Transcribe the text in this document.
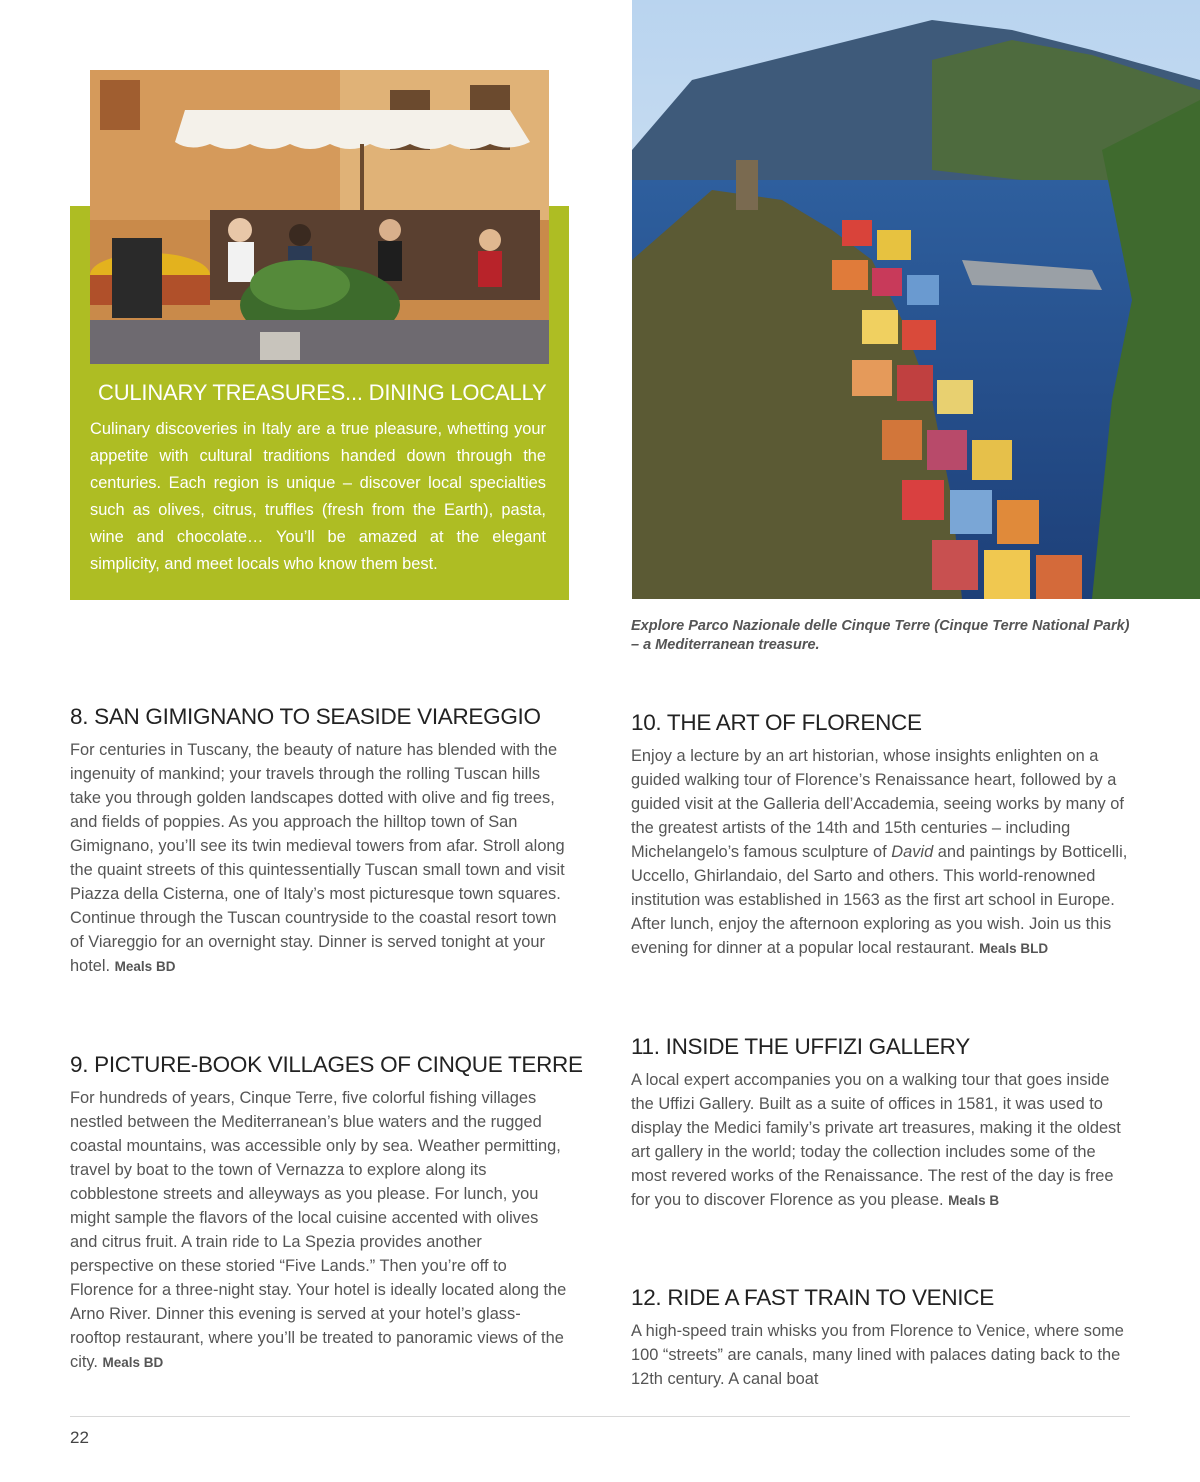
CULINARY TREASURES... DINING LOCALLY

Culinary discoveries in Italy are a true pleasure, whetting your appetite with cultural traditions handed down through the centuries. Each region is unique – discover local specialties such as olives, citrus, truffles (fresh from the Earth), pasta, wine and chocolate… You’ll be amazed at the elegant simplicity, and meet locals who know them best.

Explore Parco Nazionale delle Cinque Terre (Cinque Terre National Park) – a Mediterranean treasure.

8. SAN GIMIGNANO TO SEASIDE VIAREGGIO

For centuries in Tuscany, the beauty of nature has blended with the ingenuity of mankind; your travels through the rolling Tuscan hills take you through golden landscapes dotted with olive and fig trees, and fields of poppies. As you approach the hilltop town of San Gimignano, you’ll see its twin medieval towers from afar. Stroll along the quaint streets of this quintessentially Tuscan small town and visit Piazza della Cisterna, one of Italy’s most picturesque town squares. Continue through the Tuscan countryside to the coastal resort town of Viareggio for an overnight stay. Dinner is served tonight at your hotel. Meals BD

9. PICTURE-BOOK VILLAGES OF CINQUE TERRE

For hundreds of years, Cinque Terre, five colorful fishing villages nestled between the Mediterranean’s blue waters and the rugged coastal mountains, was accessible only by sea. Weather permitting, travel by boat to the town of Vernazza to explore along its cobblestone streets and alleyways as you please. For lunch, you might sample the flavors of the local cuisine accented with olives and citrus fruit. A train ride to La Spezia provides another perspective on these storied “Five Lands.” Then you’re off to Florence for a three-night stay. Your hotel is ideally located along the Arno River. Dinner this evening is served at your hotel’s glass-rooftop restaurant, where you’ll be treated to panoramic views of the city. Meals BD

10. THE ART OF FLORENCE

Enjoy a lecture by an art historian, whose insights enlighten on a guided walking tour of Florence’s Renaissance heart, followed by a guided visit at the Galleria dell’Accademia, seeing works by many of the greatest artists of the 14th and 15th centuries – including Michelangelo’s famous sculpture of David and paintings by Botticelli, Uccello, Ghirlandaio, del Sarto and others. This world-renowned institution was established in 1563 as the first art school in Europe. After lunch, enjoy the afternoon exploring as you wish. Join us this evening for dinner at a popular local restaurant. Meals BLD

11. INSIDE THE UFFIZI GALLERY

A local expert accompanies you on a walking tour that goes inside the Uffizi Gallery. Built as a suite of offices in 1581, it was used to display the Medici family’s private art treasures, making it the oldest art gallery in the world; today the collection includes some of the most revered works of the Renaissance. The rest of the day is free for you to discover Florence as you please. Meals B

12. RIDE A FAST TRAIN TO VENICE

A high-speed train whisks you from Florence to Venice, where some 100 “streets” are canals, many lined with palaces dating back to the 12th century. A canal boat

22
